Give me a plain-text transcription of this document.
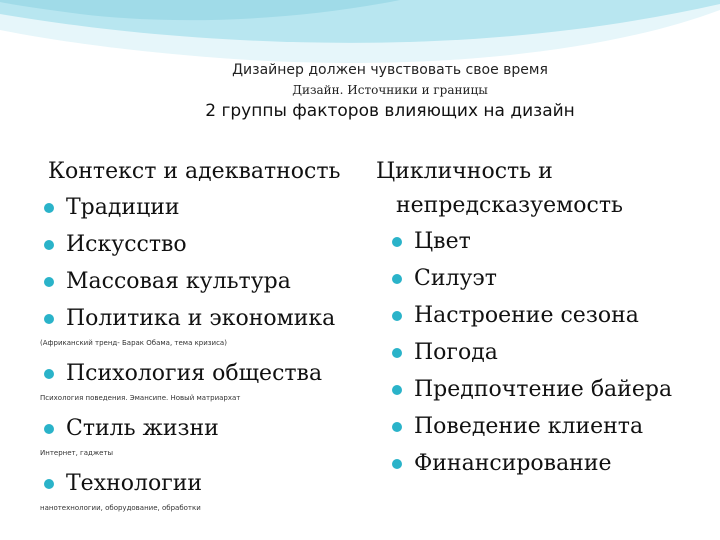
Дизайнер должен чувствовать свое время
Дизайн. Источники и границы
2 группы факторов влияющих на дизайн
Контекст и адекватность
Традиции
Искусство
Массовая культура
Политика и экономика
(Африканский тренд- Барак Обама, тема кризиса)
Психология общества
Психология поведения. Эмансипе. Новый матриархат
Стиль жизни
Интернет, гаджеты
Технологии
нанотехнологии, оборудование, обработки
Цикличность и
непредсказуемость
Цвет
Силуэт
Настроение сезона
Погода
Предпочтение байера
Поведение клиента
Финансирование
